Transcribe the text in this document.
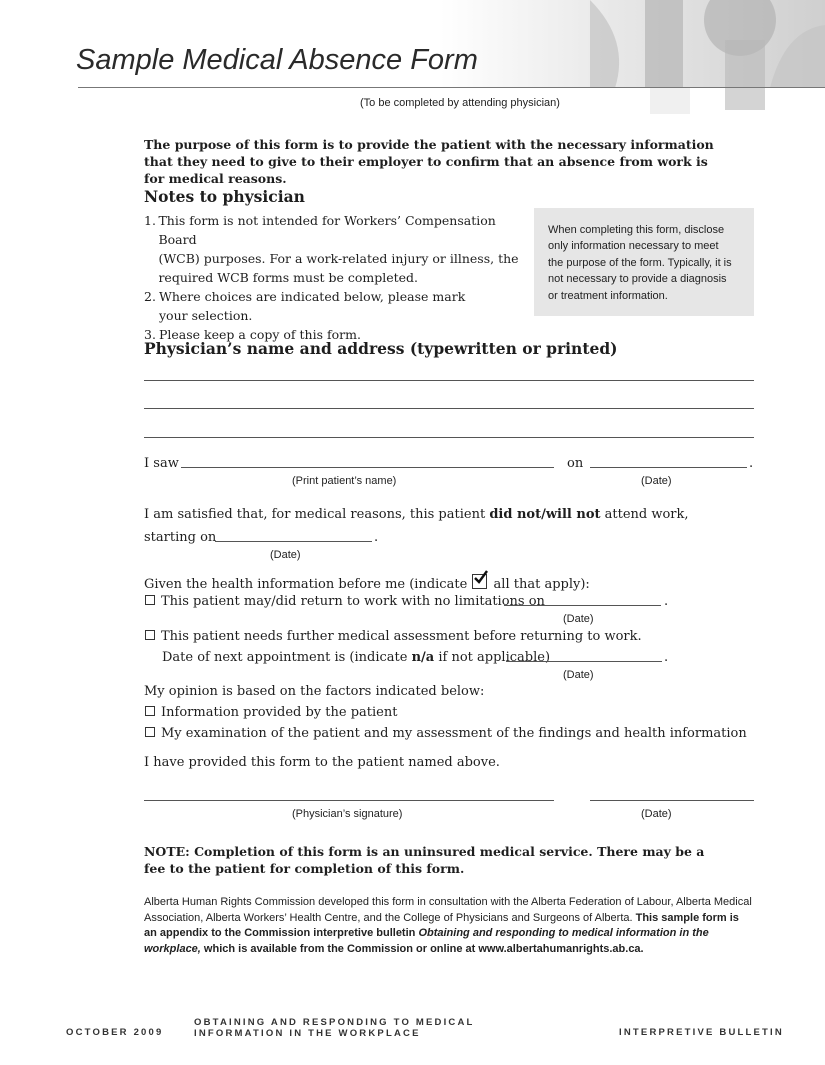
Sample Medical Absence Form
(To be completed by attending physician)
The purpose of this form is to provide the patient with the necessary information that they need to give to their employer to confirm that an absence from work is for medical reasons.
Notes to physician
1. This form is not intended for Workers’ Compensation Board
(WCB) purposes. For a work-related injury or illness, the
required WCB forms must be completed.
2. Where choices are indicated below, please mark
your selection.
3. Please keep a copy of this form.
When completing this form, disclose
only information necessary to meet
the purpose of the form. Typically, it is
not necessary to provide a diagnosis
or treatment information.
Physician’s name and address (typewritten or printed)
I saw	on	.
(Print patient’s name)	(Date)
I am satisfied that, for medical reasons, this patient did not/will not attend work,
starting on	.
(Date)
Given the health information before me (indicate all that apply):
This patient may/did return to work with no limitations on	.
(Date)
This patient needs further medical assessment before returning to work.
Date of next appointment is (indicate n/a if not applicable)	.
(Date)
My opinion is based on the factors indicated below:
Information provided by the patient
My examination of the patient and my assessment of the findings and health information
I have provided this form to the patient named above.
(Physician’s signature)	(Date)
NOTE: Completion of this form is an uninsured medical service. There may be a fee to the patient for completion of this form.
Alberta Human Rights Commission developed this form in consultation with the Alberta Federation of Labour, Alberta Medical Association, Alberta Workers’ Health Centre, and the College of Physicians and Surgeons of Alberta. This sample form is an appendix to the Commission interpretive bulletin Obtaining and responding to medical information in the workplace, which is available from the Commission or online at www.albertahumanrights.ab.ca.
OCTOBER 2009
OBTAINING AND RESPONDING TO MEDICAL
INFORMATION IN THE WORKPLACE	INTERPRETIVE BULLETIN
